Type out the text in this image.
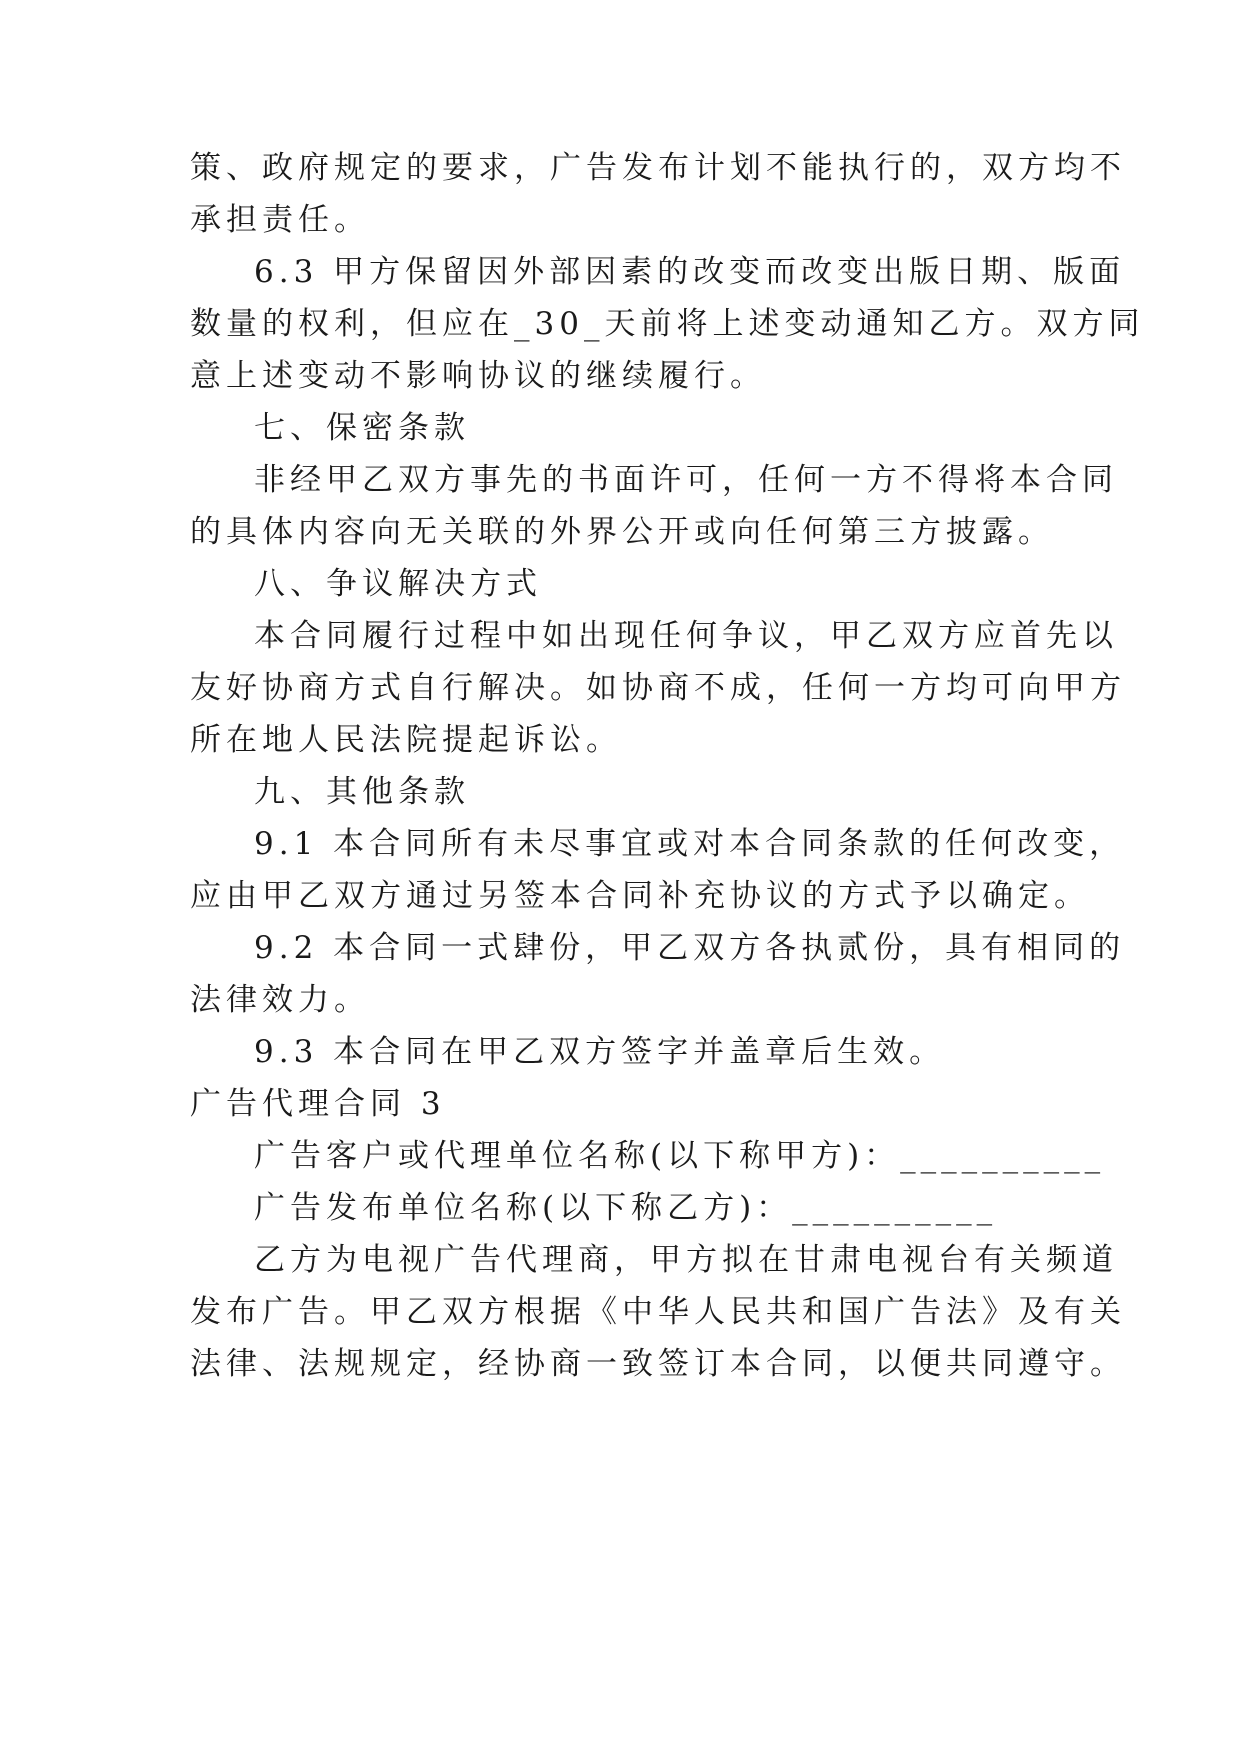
策、政府规定的要求，广告发布计划不能执行的，双方均不
承担责任。
6.3 甲方保留因外部因素的改变而改变出版日期、版面
数量的权利，但应在_30_天前将上述变动通知乙方。双方同
意上述变动不影响协议的继续履行。
七、保密条款
非经甲乙双方事先的书面许可，任何一方不得将本合同
的具体内容向无关联的外界公开或向任何第三方披露。
八、争议解决方式
本合同履行过程中如出现任何争议，甲乙双方应首先以
友好协商方式自行解决。如协商不成，任何一方均可向甲方
所在地人民法院提起诉讼。
九、其他条款
9.1 本合同所有未尽事宜或对本合同条款的任何改变，
应由甲乙双方通过另签本合同补充协议的方式予以确定。
9.2 本合同一式肆份，甲乙双方各执贰份，具有相同的
法律效力。
9.3 本合同在甲乙双方签字并盖章后生效。
广告代理合同 3
广告客户或代理单位名称(以下称甲方)：__________
广告发布单位名称(以下称乙方)：__________
乙方为电视广告代理商，甲方拟在甘肃电视台有关频道
发布广告。甲乙双方根据《中华人民共和国广告法》及有关
法律、法规规定，经协商一致签订本合同，以便共同遵守。
